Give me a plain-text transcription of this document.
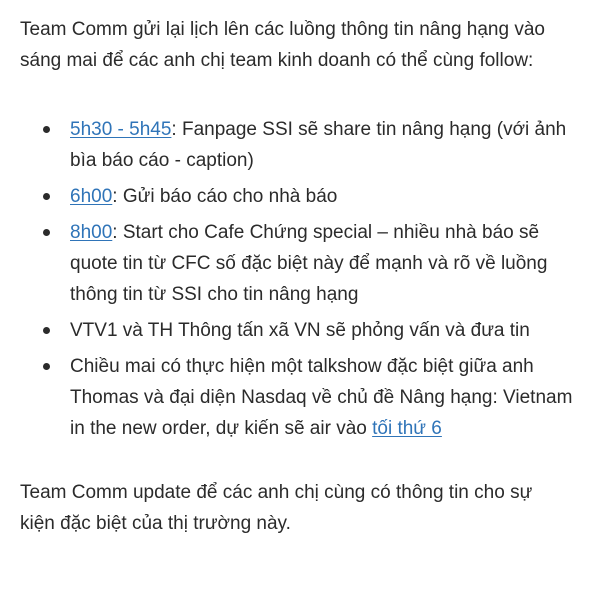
Team Comm gửi lại lịch lên các luồng thông tin nâng hạng vào
sáng mai để các anh chị team kinh doanh có thể cùng follow:

5h30 - 5h45: Fanpage SSI sẽ share tin nâng hạng (với ảnh bìa báo cáo - caption)
6h00: Gửi báo cáo cho nhà báo
8h00: Start cho Cafe Chứng special – nhiều nhà báo sẽ quote tin từ CFC số đặc biệt này để mạnh và rõ về luồng thông tin từ SSI cho tin nâng hạng
VTV1 và TH Thông tấn xã VN sẽ phỏng vấn và đưa tin
Chiều mai có thực hiện một talkshow đặc biệt giữa anh Thomas và đại diện Nasdaq về chủ đề Nâng hạng: Vietnam in the new order, dự kiến sẽ air vào tối thứ 6

Team Comm update để các anh chị cùng có thông tin cho sự
kiện đặc biệt của thị trường này.
